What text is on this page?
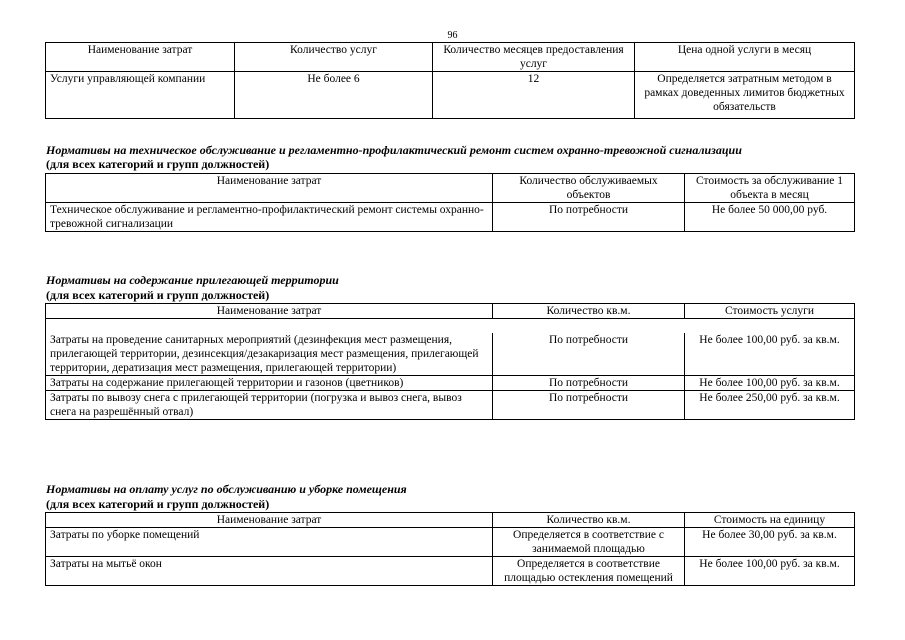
96
Наименование затрат	Количество услуг	Количество месяцев предоставления услуг	Цена одной услуги в месяц
Услуги управляющей компании	Не более 6	12	Определяется затратным методом в рамках доведенных лимитов бюджетных обязательств
Нормативы на техническое обслуживание и регламентно-профилактический ремонт систем охранно-тревожной сигнализации
(для всех категорий и групп должностей)
Наименование затрат	Количество обслуживаемых объектов	Стоимость за обслуживание 1 объекта в месяц
Техническое обслуживание и регламентно-профилактический ремонт системы охранно-тревожной сигнализации	По потребности	Не более 50 000,00 руб.
Нормативы на содержание прилегающей территории
(для всех категорий и групп должностей)
Наименование затрат	Количество кв.м.	Стоимость услуги

Затраты на проведение санитарных мероприятий (дезинфекция мест размещения, прилегающей территории, дезинсекция/дезакаризация мест размещения, прилегающей территории, дератизация мест размещения, прилегающей территории)	По потребности	Не более 100,00 руб. за кв.м.
Затраты на содержание прилегающей территории и газонов (цветников)	По потребности	Не более 100,00 руб. за кв.м.
Затраты по вывозу снега с прилегающей территории (погрузка и вывоз снега, вывоз снега на разрешённый отвал)	По потребности	Не более 250,00 руб. за кв.м.
Нормативы на оплату услуг по обслуживанию и уборке помещения
(для всех категорий и групп должностей)
Наименование затрат	Количество кв.м.	Стоимость на единицу
Затраты по уборке помещений	Определяется в соответствие с занимаемой площадью	Не более 30,00 руб. за кв.м.
Затраты на мытьё окон	Определяется в соответствие площадью остекления помещений	Не более 100,00 руб. за кв.м.
